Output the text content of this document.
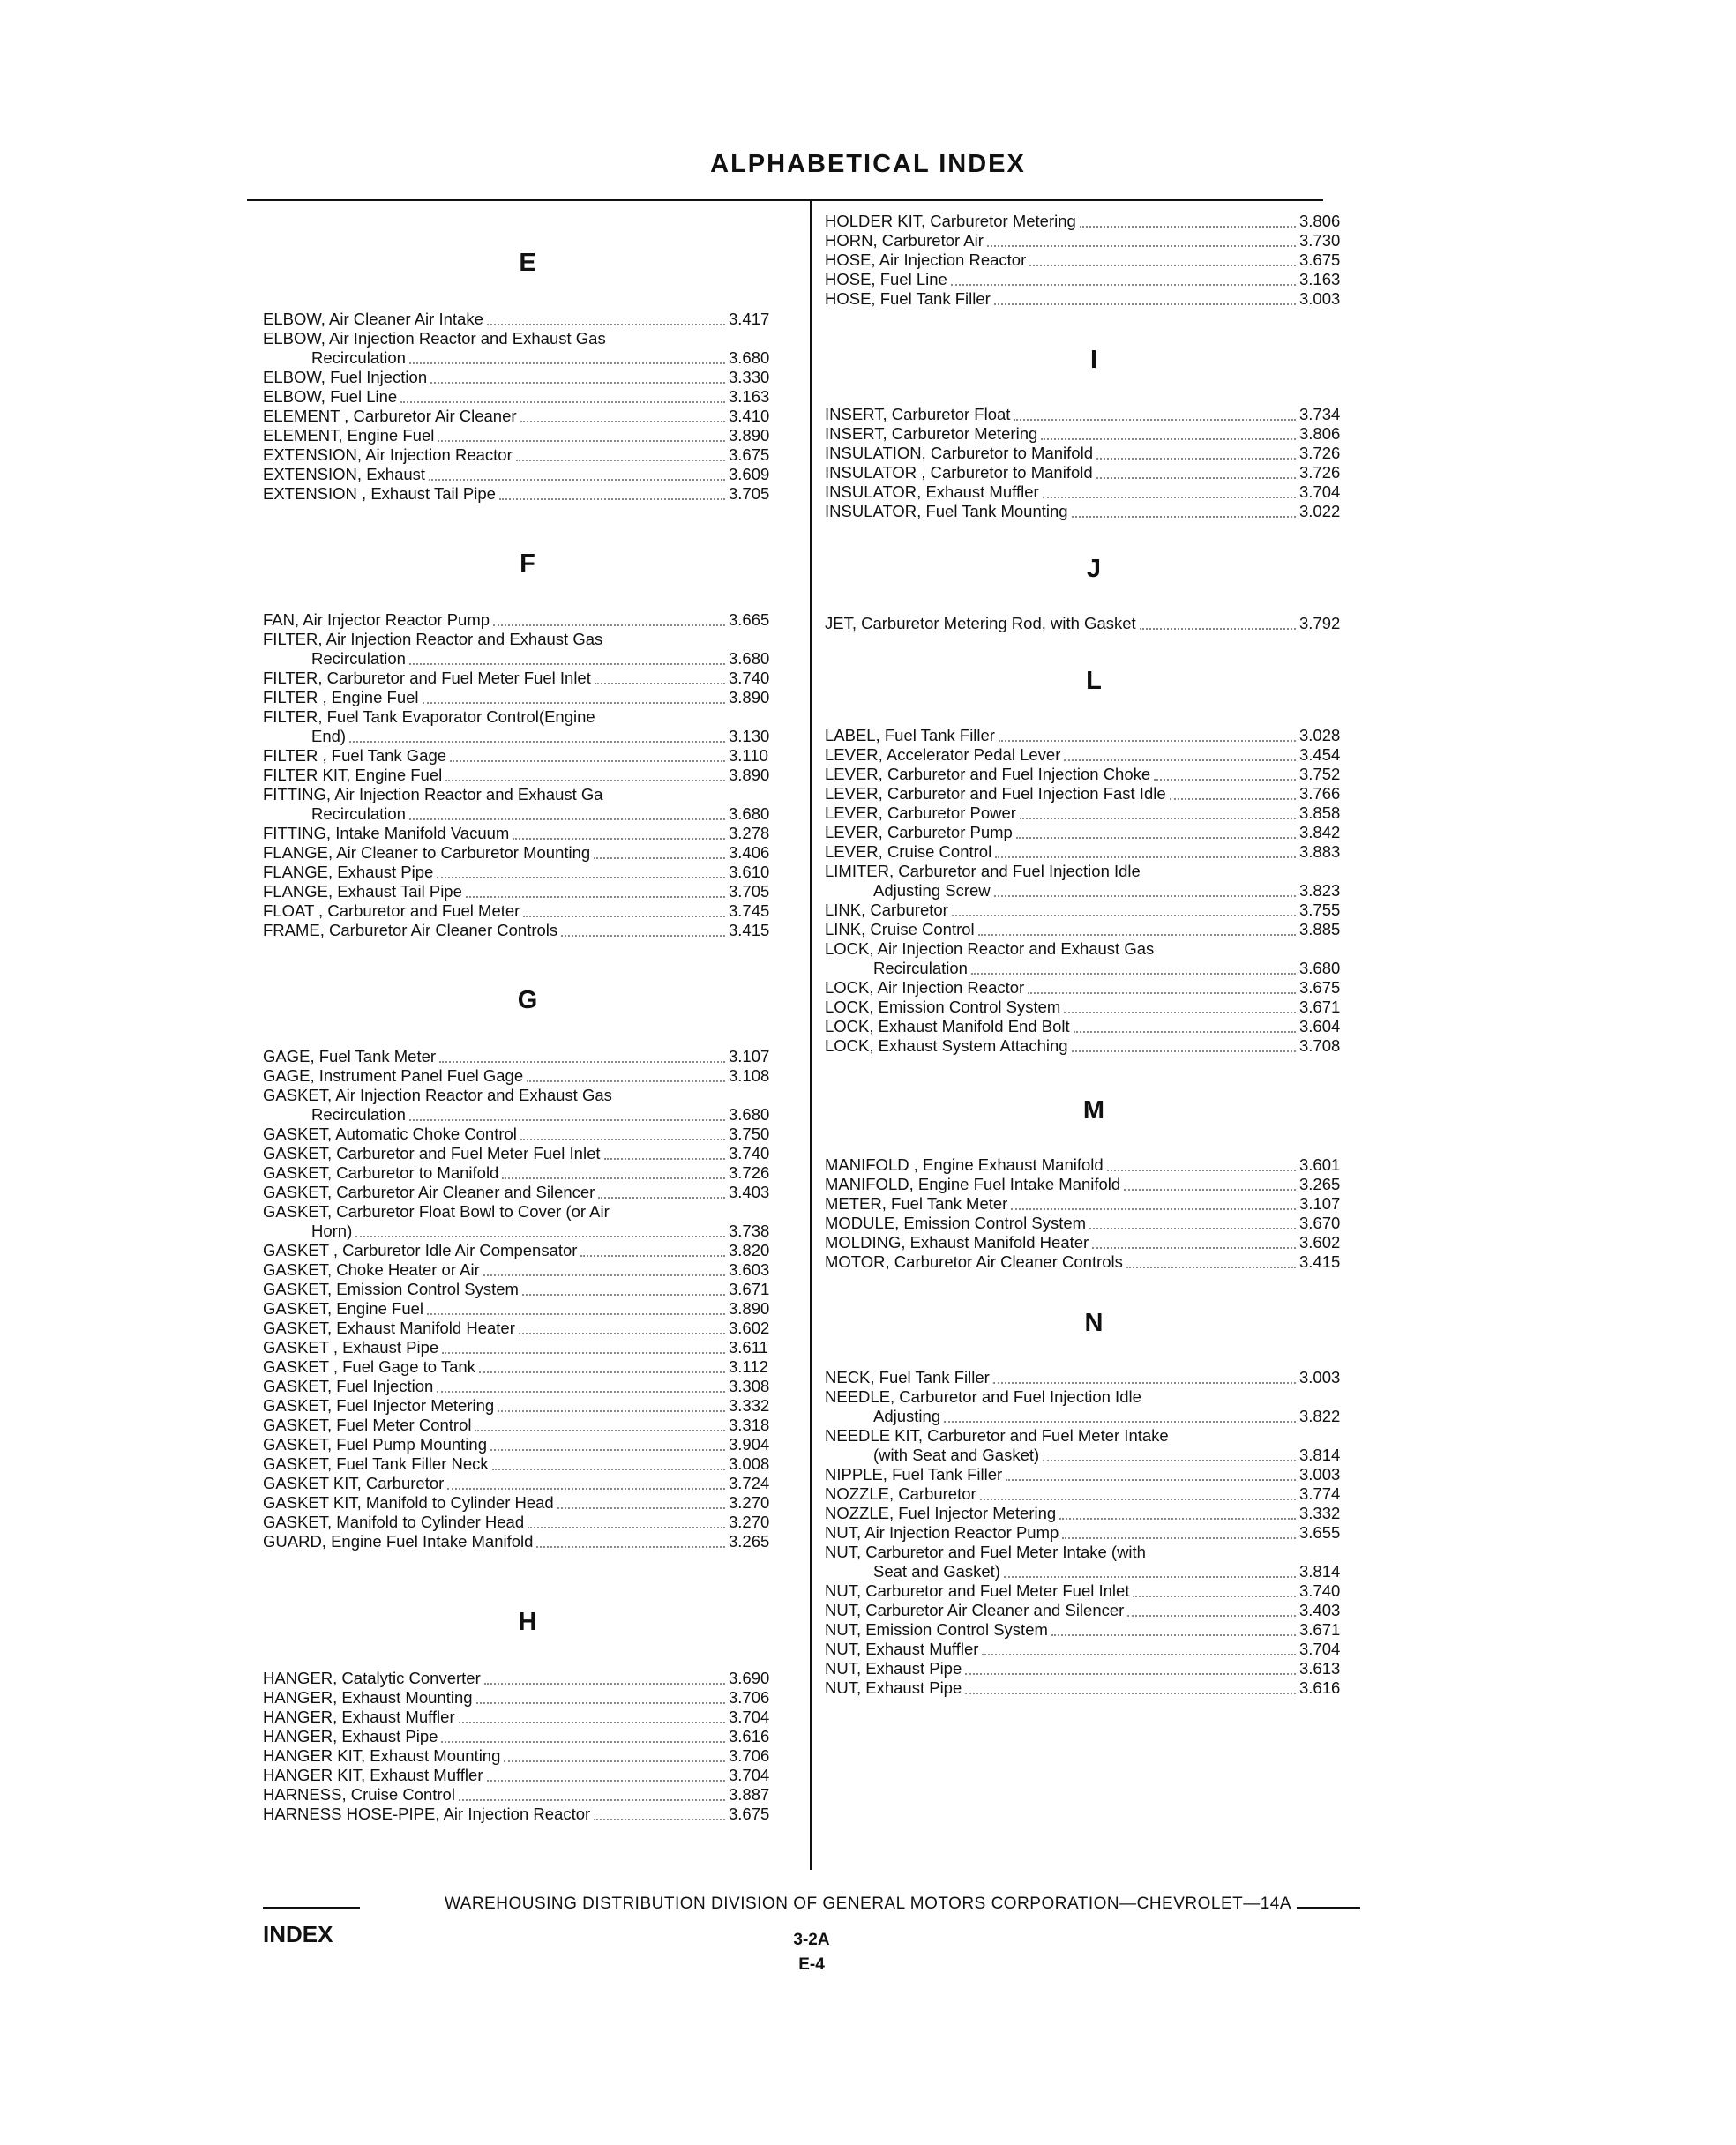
ALPHABETICAL INDEX
E
ELBOW, Air Cleaner Air Intake	3.417
ELBOW, Air Injection Reactor and Exhaust Gas
Recirculation	3.680
ELBOW, Fuel Injection	3.330
ELBOW, Fuel Line	3.163
ELEMENT , Carburetor Air Cleaner	3.410
ELEMENT, Engine Fuel	3.890
EXTENSION, Air Injection Reactor	3.675
EXTENSION, Exhaust	3.609
EXTENSION , Exhaust Tail Pipe	3.705
F
FAN, Air Injector Reactor Pump	3.665
FILTER, Air Injection Reactor and Exhaust Gas
Recirculation	3.680
FILTER, Carburetor and Fuel Meter Fuel Inlet	3.740
FILTER , Engine Fuel	3.890
FILTER, Fuel Tank Evaporator Control(Engine
End)	3.130
FILTER , Fuel Tank Gage	3.110
FILTER KIT, Engine Fuel	3.890
FITTING, Air Injection Reactor and Exhaust Ga
Recirculation	3.680
FITTING, Intake Manifold Vacuum	3.278
FLANGE, Air Cleaner to Carburetor Mounting	3.406
FLANGE, Exhaust Pipe	3.610
FLANGE, Exhaust Tail Pipe	3.705
FLOAT , Carburetor and Fuel Meter	3.745
FRAME, Carburetor Air Cleaner Controls	3.415
G
GAGE, Fuel Tank Meter	3.107
GAGE, Instrument Panel Fuel Gage	3.108
GASKET, Air Injection Reactor and Exhaust Gas
Recirculation	3.680
GASKET, Automatic Choke Control	3.750
GASKET, Carburetor and Fuel Meter Fuel Inlet	3.740
GASKET, Carburetor to Manifold	3.726
GASKET, Carburetor Air Cleaner and Silencer	3.403
GASKET, Carburetor Float Bowl to Cover (or Air
Horn)	3.738
GASKET , Carburetor Idle Air Compensator	3.820
GASKET, Choke Heater or Air	3.603
GASKET, Emission Control System	3.671
GASKET, Engine Fuel	3.890
GASKET, Exhaust Manifold Heater	3.602
GASKET , Exhaust Pipe	3.611
GASKET , Fuel Gage to Tank	3.112
GASKET, Fuel Injection	3.308
GASKET, Fuel Injector Metering	3.332
GASKET, Fuel Meter Control	3.318
GASKET, Fuel Pump Mounting	3.904
GASKET, Fuel Tank Filler Neck	3.008
GASKET KIT, Carburetor	3.724
GASKET KIT, Manifold to Cylinder Head	3.270
GASKET, Manifold to Cylinder Head	3.270
GUARD, Engine Fuel Intake Manifold	3.265
H
HANGER, Catalytic Converter	3.690
HANGER, Exhaust Mounting	3.706
HANGER, Exhaust Muffler	3.704
HANGER, Exhaust Pipe	3.616
HANGER KIT, Exhaust Mounting	3.706
HANGER KIT, Exhaust Muffler	3.704
HARNESS, Cruise Control	3.887
HARNESS HOSE-PIPE, Air Injection Reactor	3.675
HOLDER KIT, Carburetor Metering	3.806
HORN, Carburetor Air	3.730
HOSE, Air Injection Reactor	3.675
HOSE, Fuel Line	3.163
HOSE, Fuel Tank Filler	3.003
I
INSERT, Carburetor Float	3.734
INSERT, Carburetor Metering	3.806
INSULATION, Carburetor to Manifold	3.726
INSULATOR , Carburetor to Manifold	3.726
INSULATOR, Exhaust Muffler	3.704
INSULATOR, Fuel Tank Mounting	3.022
J
JET, Carburetor Metering Rod, with Gasket	3.792
L
LABEL, Fuel Tank Filler	3.028
LEVER, Accelerator Pedal Lever	3.454
LEVER, Carburetor and Fuel Injection Choke	3.752
LEVER, Carburetor and Fuel Injection Fast Idle	3.766
LEVER, Carburetor Power	3.858
LEVER, Carburetor Pump	3.842
LEVER, Cruise Control	3.883
LIMITER, Carburetor and Fuel Injection Idle
Adjusting Screw	3.823
LINK, Carburetor	3.755
LINK, Cruise Control	3.885
LOCK, Air Injection Reactor and Exhaust Gas
Recirculation	3.680
LOCK, Air Injection Reactor	3.675
LOCK, Emission Control System	3.671
LOCK, Exhaust Manifold End Bolt	3.604
LOCK, Exhaust System Attaching	3.708
M
MANIFOLD , Engine Exhaust Manifold	3.601
MANIFOLD, Engine Fuel Intake Manifold	3.265
METER, Fuel Tank Meter	3.107
MODULE, Emission Control System	3.670
MOLDING, Exhaust Manifold Heater	3.602
MOTOR, Carburetor Air Cleaner Controls	3.415
N
NECK, Fuel Tank Filler	3.003
NEEDLE, Carburetor and Fuel Injection Idle
Adjusting	3.822
NEEDLE KIT, Carburetor and Fuel Meter Intake
(with Seat and Gasket)	3.814
NIPPLE, Fuel Tank Filler	3.003
NOZZLE, Carburetor	3.774
NOZZLE, Fuel Injector Metering	3.332
NUT, Air Injection Reactor Pump	3.655
NUT, Carburetor and Fuel Meter Intake (with
Seat and Gasket)	3.814
NUT, Carburetor and Fuel Meter Fuel Inlet	3.740
NUT, Carburetor Air Cleaner and Silencer	3.403
NUT, Emission Control System	3.671
NUT, Exhaust Muffler	3.704
NUT, Exhaust Pipe	3.613
NUT, Exhaust Pipe	3.616
WAREHOUSING DISTRIBUTION DIVISION OF GENERAL MOTORS CORPORATION—CHEVROLET—14A
INDEX	3-2A
E-4
